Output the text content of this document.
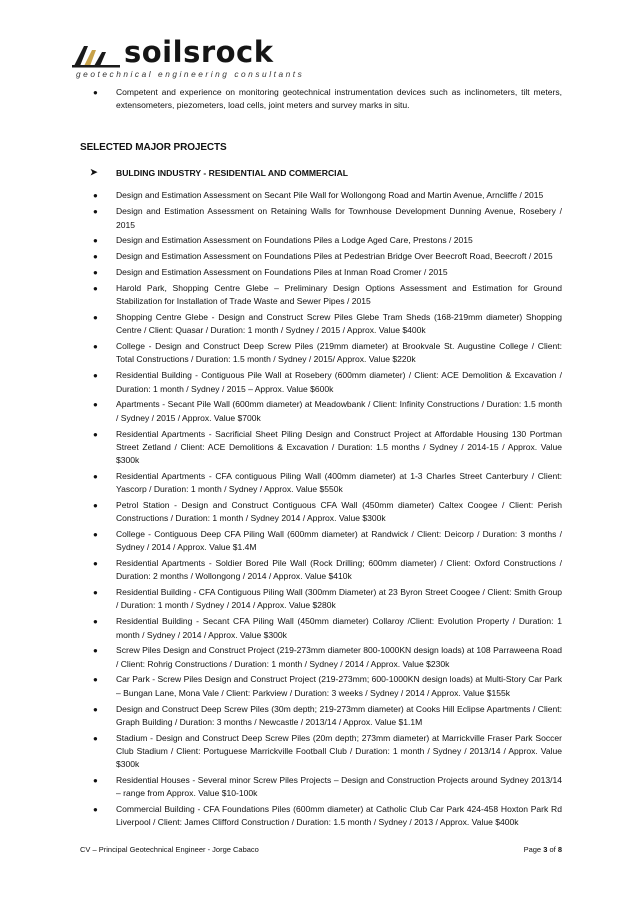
soilsrock
geotechnical engineering consultants
● Competent and experience on monitoring geotechnical instrumentation devices such as inclinometers, tilt meters, extensometers, piezometers, load cells, joint meters and survey marks in situ.
SELECTED MAJOR PROJECTS
➤ BULDING INDUSTRY - RESIDENTIAL AND COMMERCIAL
● Design and Estimation Assessment on Secant Pile Wall for Wollongong Road and Martin Avenue, Arncliffe / 2015
● Design and Estimation Assessment on Retaining Walls for Townhouse Development Dunning Avenue, Rosebery / 2015
● Design and Estimation Assessment on Foundations Piles a Lodge Aged Care, Prestons / 2015
● Design and Estimation Assessment on Foundations Piles at Pedestrian Bridge Over Beecroft Road, Beecroft / 2015
● Design and Estimation Assessment on Foundations Piles at Inman Road Cromer / 2015
● Harold Park, Shopping Centre Glebe – Preliminary Design Options Assessment and Estimation for Ground Stabilization for Installation of Trade Waste and Sewer Pipes / 2015
● Shopping Centre Glebe - Design and Construct Screw Piles Glebe Tram Sheds (168-219mm diameter) Shopping Centre / Client: Quasar / Duration: 1 month / Sydney / 2015 / Approx. Value $400k
● College - Design and Construct Deep Screw Piles (219mm diameter) at Brookvale St. Augustine College / Client: Total Constructions / Duration: 1.5 month / Sydney / 2015/ Approx. Value $220k
● Residential Building - Contiguous Pile Wall at Rosebery (600mm diameter) / Client: ACE Demolition & Excavation / Duration: 1 month / Sydney / 2015 – Approx. Value $600k
● Apartments - Secant Pile Wall (600mm diameter) at Meadowbank / Client: Infinity Constructions / Duration: 1.5 month / Sydney / 2015 / Approx. Value $700k
● Residential Apartments - Sacrificial Sheet Piling Design and Construct Project at Affordable Housing 130 Portman Street Zetland / Client: ACE Demolitions & Excavation / Duration: 1.5 months / Sydney / 2014-15 / Approx. Value $300k
● Residential Apartments - CFA contiguous Piling Wall (400mm diameter) at 1-3 Charles Street Canterbury / Client: Yascorp / Duration: 1 month / Sydney / Approx. Value $550k
● Petrol Station - Design and Construct Contiguous CFA Wall (450mm diameter) Caltex Coogee / Client: Perish Constructions / Duration: 1 month / Sydney 2014 / Approx. Value $300k
● College - Contiguous Deep CFA Piling Wall (600mm diameter) at Randwick / Client: Deicorp / Duration: 3 months / Sydney / 2014 / Approx. Value $1.4M
● Residential Apartments - Soldier Bored Pile Wall (Rock Drilling; 600mm diameter) / Client: Oxford Constructions / Duration: 2 months / Wollongong / 2014 / Approx. Value $410k
● Residential Building - CFA Contiguous Piling Wall (300mm Diameter) at 23 Byron Street Coogee / Client: Smith Group / Duration: 1 month / Sydney / 2014 / Approx. Value $280k
● Residential Building - Secant CFA Piling Wall (450mm diameter) Collaroy /Client: Evolution Property / Duration: 1 month / Sydney / 2014 / Approx. Value $300k
● Screw Piles Design and Construct Project (219-273mm diameter 800-1000KN design loads) at 108 Parraweena Road / Client: Rohrig Constructions / Duration: 1 month / Sydney / 2014 / Approx. Value $230k
● Car Park - Screw Piles Design and Construct Project (219-273mm; 600-1000KN design loads) at Multi-Story Car Park – Bungan Lane, Mona Vale / Client: Parkview / Duration: 3 weeks / Sydney / 2014 / Approx. Value $155k
● Design and Construct Deep Screw Piles (30m depth; 219-273mm diameter) at Cooks Hill Eclipse Apartments / Client: Graph Building / Duration: 3 months / Newcastle / 2013/14 / Approx. Value $1.1M
● Stadium - Design and Construct Deep Screw Piles (20m depth; 273mm diameter) at Marrickville Fraser Park Soccer Club Stadium / Client: Portuguese Marrickville Football Club / Duration: 1 month / Sydney / 2013/14 / Approx. Value $300k
● Residential Houses - Several minor Screw Piles Projects – Design and Construction Projects around Sydney 2013/14 – range from Approx. Value $10-100k
● Commercial Building - CFA Foundations Piles (600mm diameter) at Catholic Club Car Park 424-458 Hoxton Park Rd Liverpool / Client: James Clifford Construction / Duration: 1.5 month / Sydney / 2013 / Approx. Value $400k
CV – Principal Geotechnical Engineer - Jorge Cabaco	Page 3 of 8
